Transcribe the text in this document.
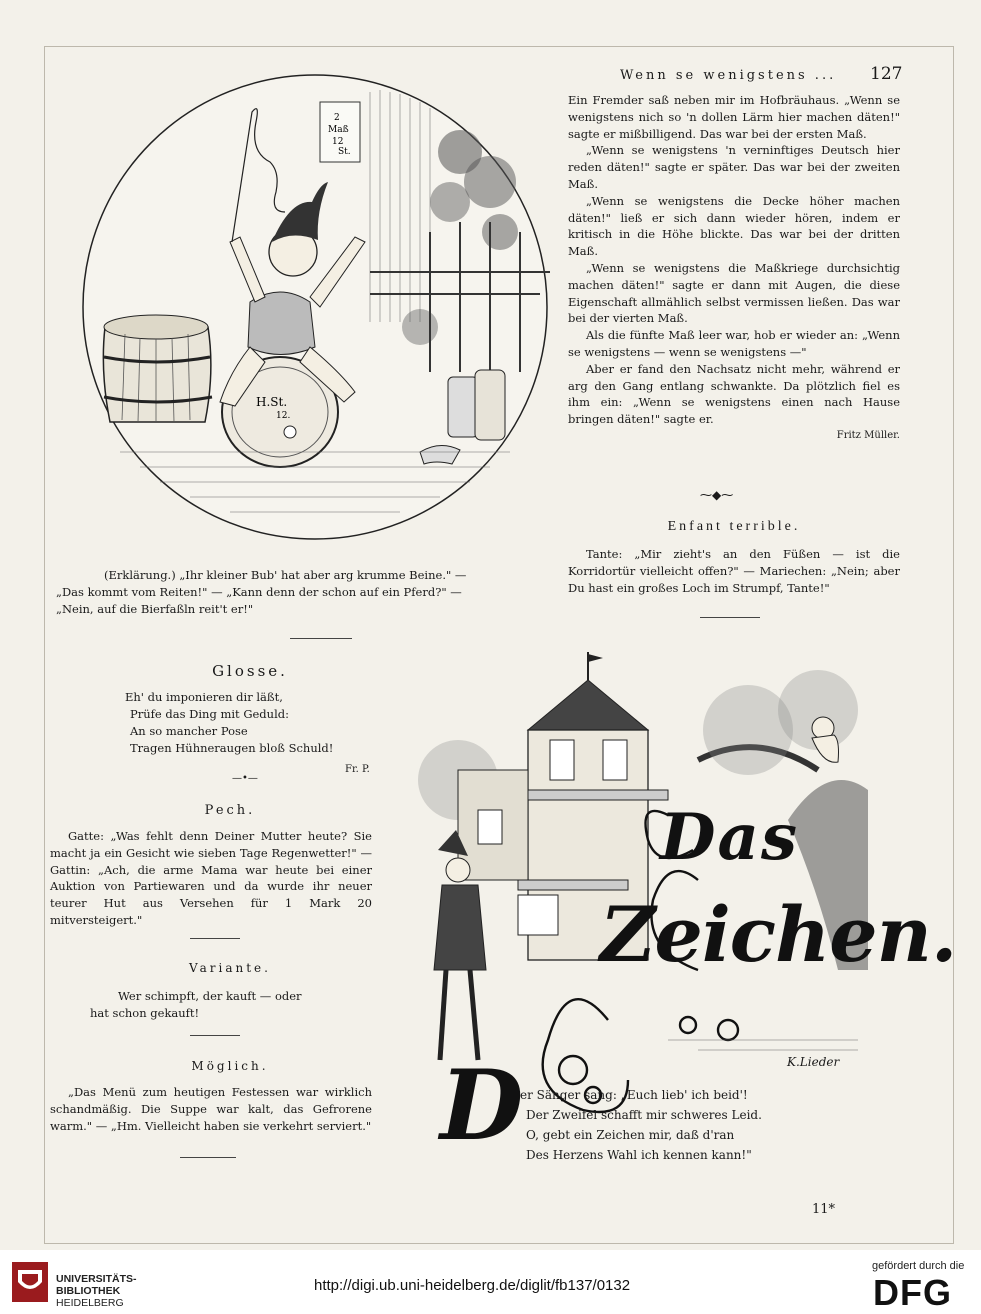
Wenn se wenigstens ... 127
2
Maß
12
St.
H.St.
12.
(Erklärung.) „Ihr kleiner Bub' hat aber arg krumme Beine." —
„Das kommt vom Reiten!" — „Kann denn der schon auf ein Pferd?" —
„Nein, auf die Bierfaßln reit't er!"

Ein Fremder saß neben mir im Hofbräuhaus. „Wenn se wenigstens nich so 'n dollen Lärm hier machen däten!" sagte er mißbilligend. Das war bei der ersten Maß.

„Wenn se wenigstens 'n verninftiges Deutsch hier reden däten!" sagte er später. Das war bei der zweiten Maß.

„Wenn se wenigstens die Decke höher machen däten!" ließ er sich dann wieder hören, indem er kritisch in die Höhe blickte. Das war bei der dritten Maß.

„Wenn se wenigstens die Maßkriege durchsichtig machen däten!" sagte er dann mit Augen, die diese Eigenschaft allmählich selbst vermissen ließen. Das war bei der vierten Maß.

Als die fünfte Maß leer war, hob er wieder an: „Wenn se wenigstens — wenn se wenigstens —"

Aber er fand den Nachsatz nicht mehr, während er arg den Gang entlang schwankte. Da plötzlich fiel es ihm ein: „Wenn se wenigstens einen nach Hause bringen däten!" sagte er.

Fritz Müller.
⁓◆⁓
Enfant terrible.

Tante: „Mir zieht's an den Füßen — ist die Korridortür vielleicht offen?" — Mariechen: „Nein; aber Du hast ein großes Loch im Strumpf, Tante!"

Glosse.
Eh' du imponieren dir läßt,
Prüfe das Ding mit Geduld:
An so mancher Pose
Tragen Hühneraugen bloß Schuld!
Fr. P.
—•—
Pech.

Gatte: „Was fehlt denn Deiner Mutter heute? Sie macht ja ein Gesicht wie sieben Tage Regenwetter!" — Gattin: „Ach, die arme Mama war heute bei einer Auktion von Partiewaren und da wurde ihr neuer teurer Hut aus Versehen für 1 Mark 20 mitversteigert."

Variante.
Wer schimpft, der kauft — oder
hat schon gekauft!
Möglich.

„Das Menü zum heutigen Festessen war wirklich schandmäßig. Die Suppe war kalt, das Gefrorene warm." — „Hm. Vielleicht haben sie verkehrt serviert."

Das
Zeichen.
K.Lieder
D
er Sänger sang: „Euch lieb' ich beid'!
Der Zweifel schafft mir schweres Leid.
O, gebt ein Zeichen mir, daß d'ran
Des Herzens Wahl ich kennen kann!"
11*
UNIVERSITÄTS-
BIBLIOTHEK
HEIDELBERG
http://digi.ub.uni-heidelberg.de/diglit/fb137/0132
gefördert durch die
DFG
